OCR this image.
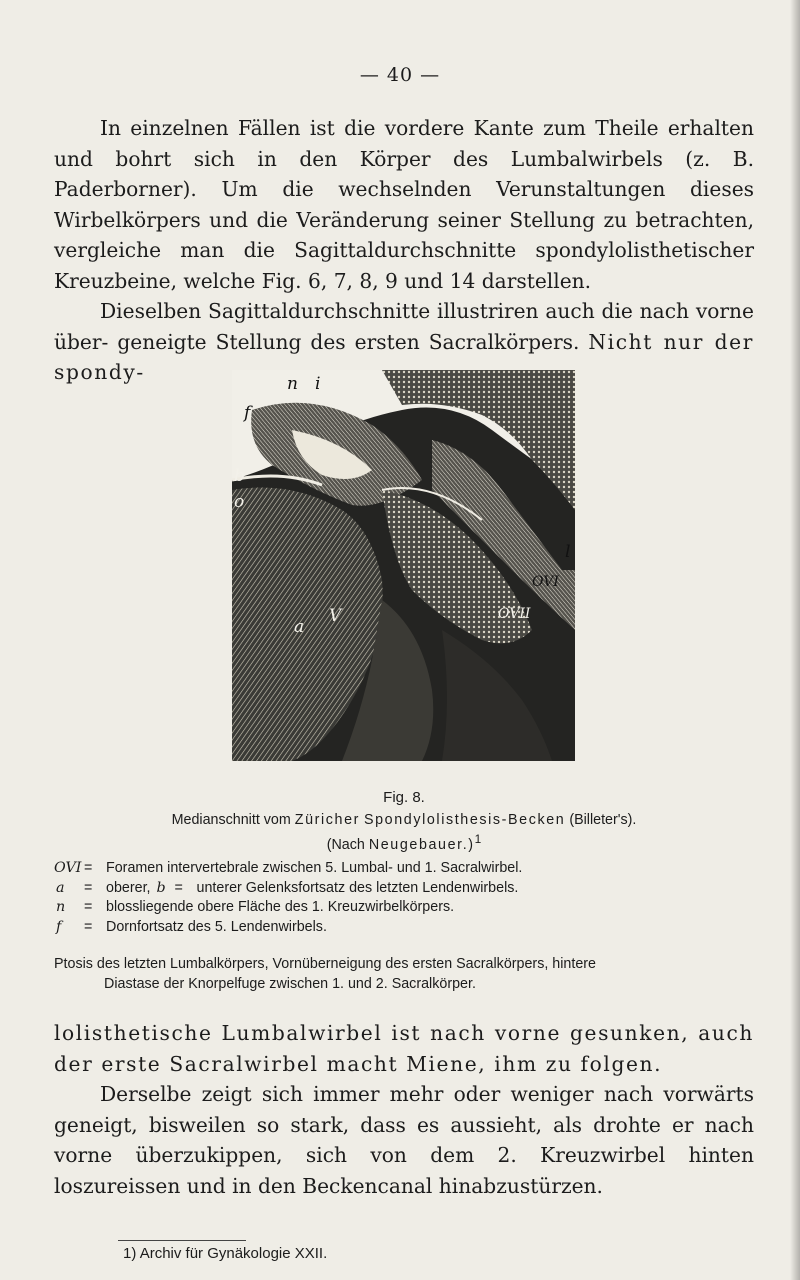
— 40 —

In einzelnen Fällen ist die vordere Kante zum Theile erhalten und bohrt sich in den Körper des Lumbalwirbels (z. B. Paderborner). Um die wechselnden Verunstaltungen dieses Wirbelkörpers und die Veränderung seiner Stellung zu betrachten, vergleiche man die Sagittaldurchschnitte spondylolisthetischer Kreuzbeine, welche Fig. 6, 7, 8, 9 und 14 darstellen.

Dieselben Sagittaldurchschnitte illustriren auch die nach vorne über- geneigte Stellung des ersten Sacralkörpers. Nicht nur der spondy-	n i
f
b
o
l
OVI
OVII
a
V
Fig. 8.
Medianschnitt vom Züricher Spondylolisthesis-Becken (Billeter's).
(Nach Neugebauer.)$^1$
OVI = Foramen intervertebrale zwischen 5. Lumbal- und 1. Sacralwirbel.
a	= oberer, b = unterer Gelenksfortsatz des letzten Lendenwirbels.
n	= blossliegende obere Fläche des 1. Kreuzwirbelkörpers.
f	= Dornfortsatz des 5. Lendenwirbels.
Ptosis des letzten Lumbalkörpers, Vornüberneigung des ersten Sacralkörpers, hintere
Diastase der Knorpelfuge zwischen 1. und 2. Sacralkörper.

lolisthetische Lumbalwirbel ist nach vorne gesunken, auch der erste Sacralwirbel macht Miene, ihm zu folgen.

Derselbe zeigt sich immer mehr oder weniger nach vorwärts geneigt, bisweilen so stark, dass es aussieht, als drohte er nach vorne überzukippen, sich von dem 2. Kreuzwirbel hinten loszureissen und in den Beckencanal hinabzustürzen.

1) Archiv für Gynäkologie XXII.
